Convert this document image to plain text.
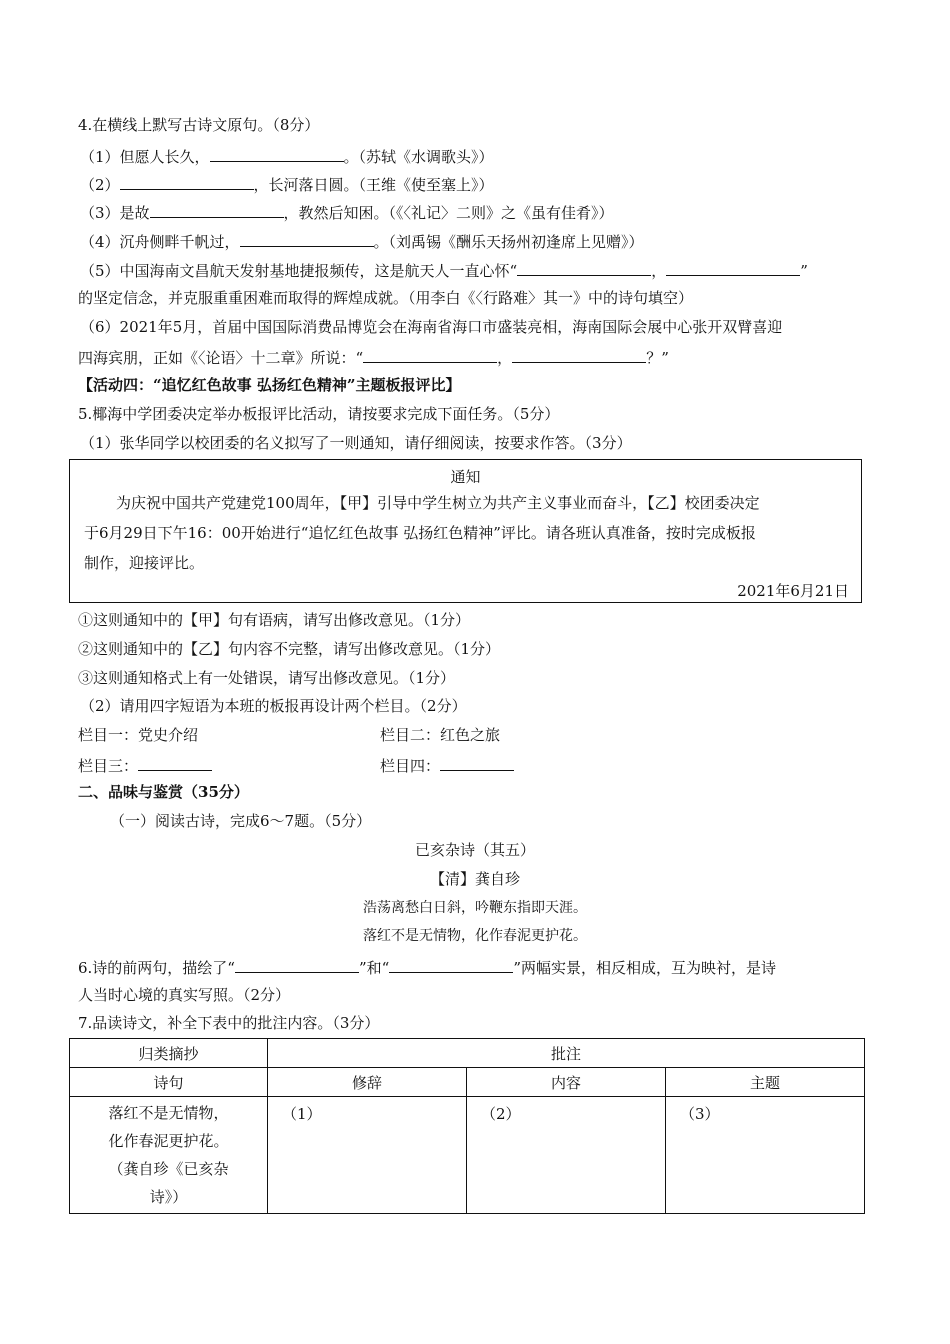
4.在横线上默写古诗文原句。（8分）
（1）但愿人长久，	。（苏轼《水调歌头》）
（2）	，长河落日圆。（王维《使至塞上》）
（3）是故	，教然后知困。（《〈礼记〉二则》之《虽有佳肴》）
（4）沉舟侧畔千帆过，	。（刘禹锡《酬乐天扬州初逢席上见赠》）
（5）中国海南文昌航天发射基地捷报频传，这是航天人一直心怀“	，	”
的坚定信念，并克服重重困难而取得的辉煌成就。（用李白《〈行路难〉其一》中的诗句填空）
（6）2021年5月，首届中国国际消费品博览会在海南省海口市盛装亮相，海南国际会展中心张开双臂喜迎
四海宾朋，正如《〈论语〉十二章》所说：“	，	？”
【活动四：“追忆红色故事 弘扬红色精神”主题板报评比】
5.椰海中学团委决定举办板报评比活动，请按要求完成下面任务。（5分）
（1）张华同学以校团委的名义拟写了一则通知，请仔细阅读，按要求作答。（3分）
通知
为庆祝中国共产党建党100周年，【甲】引导中学生树立为共产主义事业而奋斗，【乙】校团委决定
于6月29日下午16：00开始进行“追忆红色故事 弘扬红色精神”评比。请各班认真准备，按时完成板报
制作，迎接评比。
2021年6月21日
①这则通知中的【甲】句有语病，请写出修改意见。（1分）
②这则通知中的【乙】句内容不完整，请写出修改意见。（1分）
③这则通知格式上有一处错误，请写出修改意见。（1分）
（2）请用四字短语为本班的板报再设计两个栏目。（2分）
栏目一：党史介绍	栏目二：红色之旅
栏目三：	栏目四：
二、品味与鉴赏（35分）
（一）阅读古诗，完成6～7题。（5分）
已亥杂诗（其五）
【清】龚自珍
浩荡离愁白日斜，吟鞭东指即天涯。
落红不是无情物，化作春泥更护花。
6.诗的前两句，描绘了“	”和“	”两幅实景，相反相成，互为映衬，是诗
人当时心境的真实写照。（2分）
7.品读诗文，补全下表中的批注内容。（3分）
归类摘抄	批注		
诗句	修辞	内容	主题

落红不是无情物，
化作春泥更护花。
（龚自珍《已亥杂
诗》）	（1）	（2）	（3）
